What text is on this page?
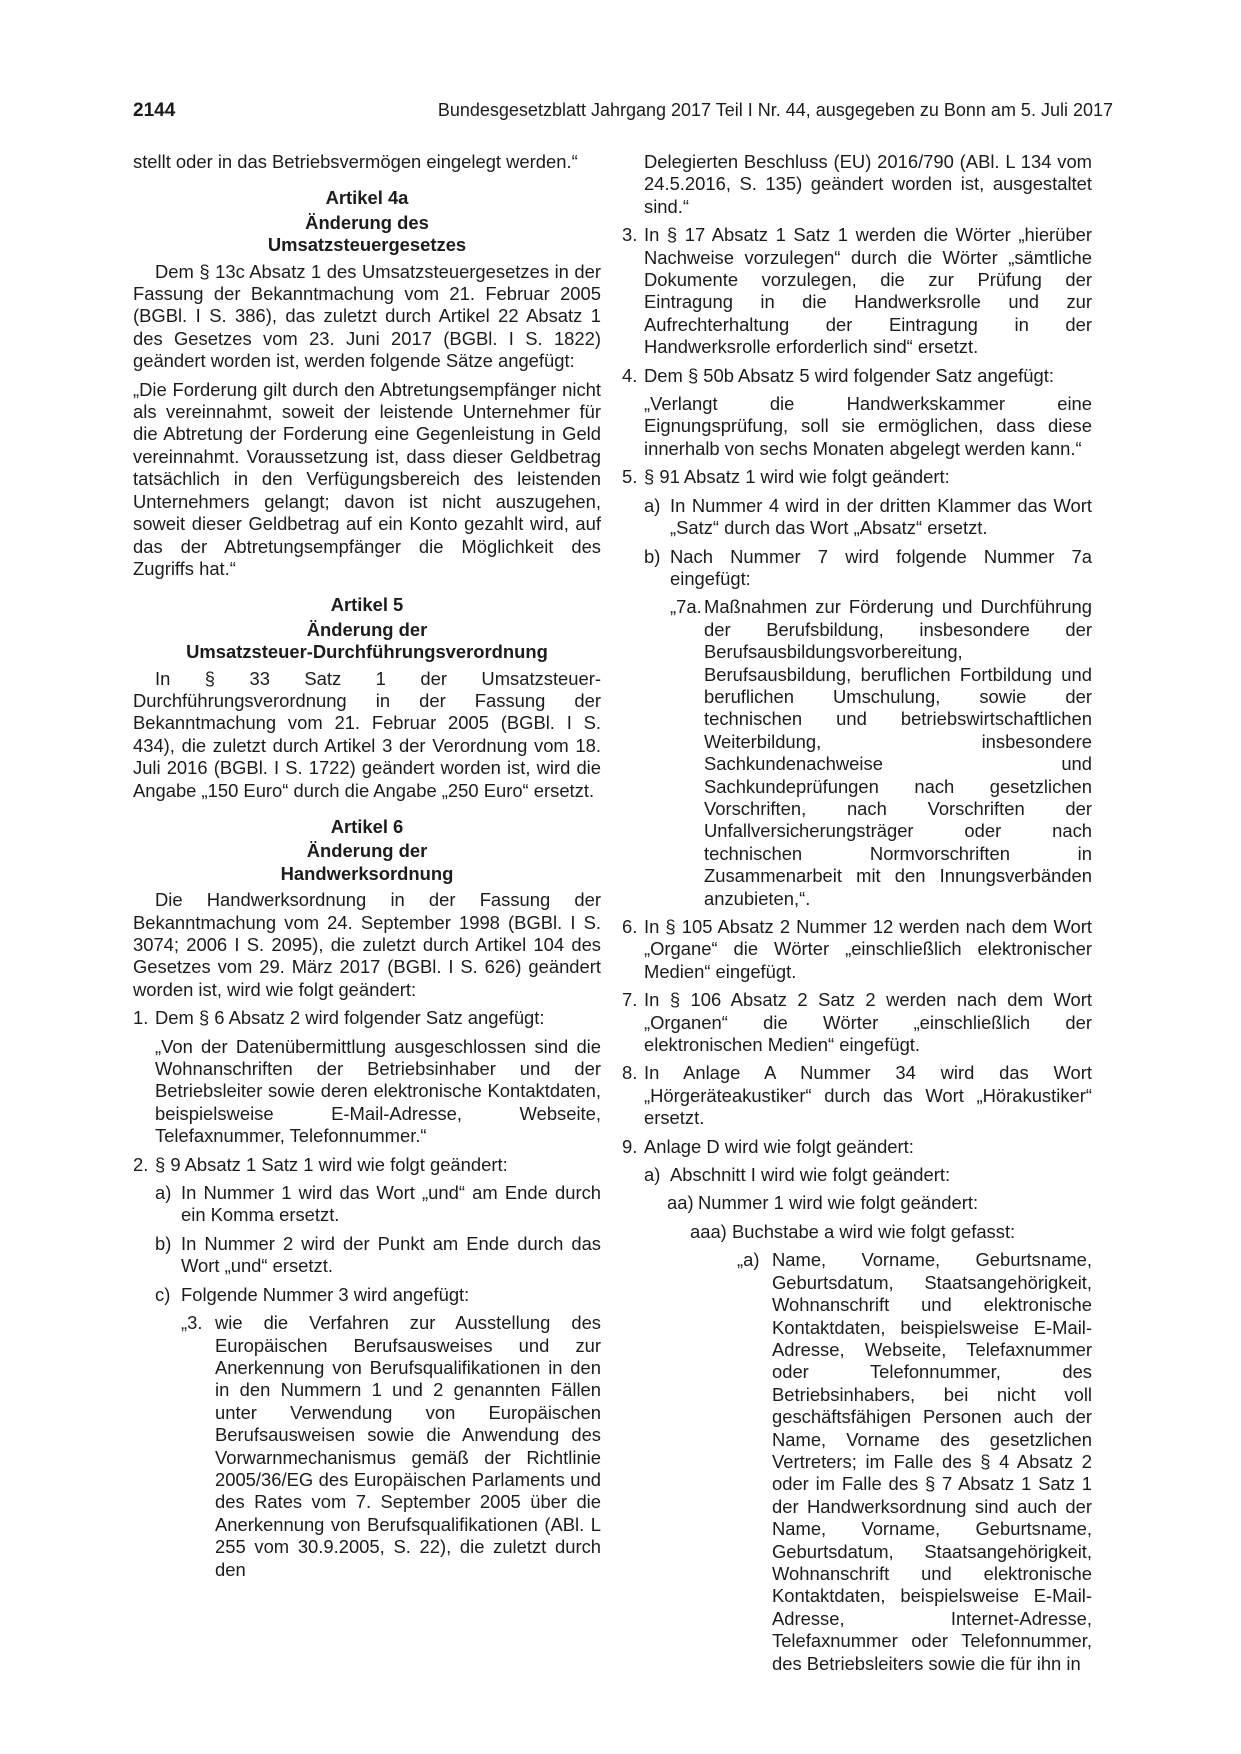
2144	Bundesgesetzblatt Jahrgang 2017 Teil I Nr. 44, ausgegeben zu Bonn am 5. Juli 2017

stellt oder in das Betriebsvermögen eingelegt werden.“

Artikel 4a

Änderung des
Umsatzsteuergesetzes

Dem § 13c Absatz 1 des Umsatzsteuergesetzes in der Fassung der Bekanntmachung vom 21. Februar 2005 (BGBl. I S. 386), das zuletzt durch Artikel 22 Absatz 1 des Gesetzes vom 23. Juni 2017 (BGBl. I S. 1822) geändert worden ist, werden folgende Sätze angefügt:

„Die Forderung gilt durch den Abtretungsempfänger nicht als vereinnahmt, soweit der leistende Unternehmer für die Abtretung der Forderung eine Gegenleistung in Geld vereinnahmt. Voraussetzung ist, dass dieser Geldbetrag tatsächlich in den Verfügungsbereich des leistenden Unternehmers gelangt; davon ist nicht auszugehen, soweit dieser Geldbetrag auf ein Konto gezahlt wird, auf das der Abtretungsempfänger die Möglichkeit des Zugriffs hat.“

Artikel 5

Änderung der
Umsatzsteuer-Durchführungsverordnung

In § 33 Satz 1 der Umsatzsteuer-Durchführungsverordnung in der Fassung der Bekanntmachung vom 21. Februar 2005 (BGBl. I S. 434), die zuletzt durch Artikel 3 der Verordnung vom 18. Juli 2016 (BGBl. I S. 1722) geändert worden ist, wird die Angabe „150 Euro“ durch die Angabe „250 Euro“ ersetzt.

Artikel 6

Änderung der
Handwerksordnung

Die Handwerksordnung in der Fassung der Bekanntmachung vom 24. September 1998 (BGBl. I S. 3074; 2006 I S. 2095), die zuletzt durch Artikel 104 des Gesetzes vom 29. März 2017 (BGBl. I S. 626) geändert worden ist, wird wie folgt geändert:

1. Dem § 6 Absatz 2 wird folgender Satz angefügt:

„Von der Datenübermittlung ausgeschlossen sind die Wohnanschriften der Betriebsinhaber und der Betriebsleiter sowie deren elektronische Kontaktdaten, beispielsweise E-Mail-Adresse, Webseite, Telefaxnummer, Telefonnummer.“

2. § 9 Absatz 1 Satz 1 wird wie folgt geändert:

a) In Nummer 1 wird das Wort „und“ am Ende durch ein Komma ersetzt.

b) In Nummer 2 wird der Punkt am Ende durch das Wort „und“ ersetzt.

c) Folgende Nummer 3 wird angefügt:

„3. wie die Verfahren zur Ausstellung des Europäischen Berufsausweises und zur Anerkennung von Berufsqualifikationen in den in den Nummern 1 und 2 genannten Fällen unter Verwendung von Europäischen Berufsausweisen sowie die Anwendung des Vorwarnmechanismus gemäß der Richtlinie 2005/36/EG des Europäischen Parlaments und des Rates vom 7. September 2005 über die Anerkennung von Berufsqualifikationen (ABl. L 255 vom 30.9.2005, S. 22), die zuletzt durch den

Delegierten Beschluss (EU) 2016/790 (ABl. L 134 vom 24.5.2016, S. 135) geändert worden ist, ausgestaltet sind.“

3. In § 17 Absatz 1 Satz 1 werden die Wörter „hierüber Nachweise vorzulegen“ durch die Wörter „sämtliche Dokumente vorzulegen, die zur Prüfung der Eintragung in die Handwerksrolle und zur Aufrechterhaltung der Eintragung in der Handwerksrolle erforderlich sind“ ersetzt.

4. Dem § 50b Absatz 5 wird folgender Satz angefügt:

„Verlangt die Handwerkskammer eine Eignungsprüfung, soll sie ermöglichen, dass diese innerhalb von sechs Monaten abgelegt werden kann.“

5. § 91 Absatz 1 wird wie folgt geändert:

a) In Nummer 4 wird in der dritten Klammer das Wort „Satz“ durch das Wort „Absatz“ ersetzt.

b) Nach Nummer 7 wird folgende Nummer 7a eingefügt:

„7a. Maßnahmen zur Förderung und Durchführung der Berufsbildung, insbesondere der Berufsausbildungsvorbereitung, Berufsausbildung, beruflichen Fortbildung und beruflichen Umschulung, sowie der technischen und betriebswirtschaftlichen Weiterbildung, insbesondere Sachkundenachweise und Sachkundeprüfungen nach gesetzlichen Vorschriften, nach Vorschriften der Unfallversicherungsträger oder nach technischen Normvorschriften in Zusammenarbeit mit den Innungsverbänden anzubieten,“.

6. In § 105 Absatz 2 Nummer 12 werden nach dem Wort „Organe“ die Wörter „einschließlich elektronischer Medien“ eingefügt.

7. In § 106 Absatz 2 Satz 2 werden nach dem Wort „Organen“ die Wörter „einschließlich der elektronischen Medien“ eingefügt.

8. In Anlage A Nummer 34 wird das Wort „Hörgeräteakustiker“ durch das Wort „Hörakustiker“ ersetzt.

9. Anlage D wird wie folgt geändert:

a) Abschnitt I wird wie folgt geändert:

aa) Nummer 1 wird wie folgt geändert:

aaa) Buchstabe a wird wie folgt gefasst:

„a) Name, Vorname, Geburtsname, Geburtsdatum, Staatsangehörigkeit, Wohnanschrift und elektronische Kontaktdaten, beispielsweise E-Mail-Adresse, Webseite, Telefaxnummer oder Telefonnummer, des Betriebsinhabers, bei nicht voll geschäftsfähigen Personen auch der Name, Vorname des gesetzlichen Vertreters; im Falle des § 4 Absatz 2 oder im Falle des § 7 Absatz 1 Satz 1 der Handwerksordnung sind auch der Name, Vorname, Geburtsname, Geburtsdatum, Staatsangehörigkeit, Wohnanschrift und elektronische Kontaktdaten, beispielsweise E-Mail-Adresse, Internet-Adresse, Telefaxnummer oder Telefonnummer, des Betriebsleiters sowie die für ihn in
